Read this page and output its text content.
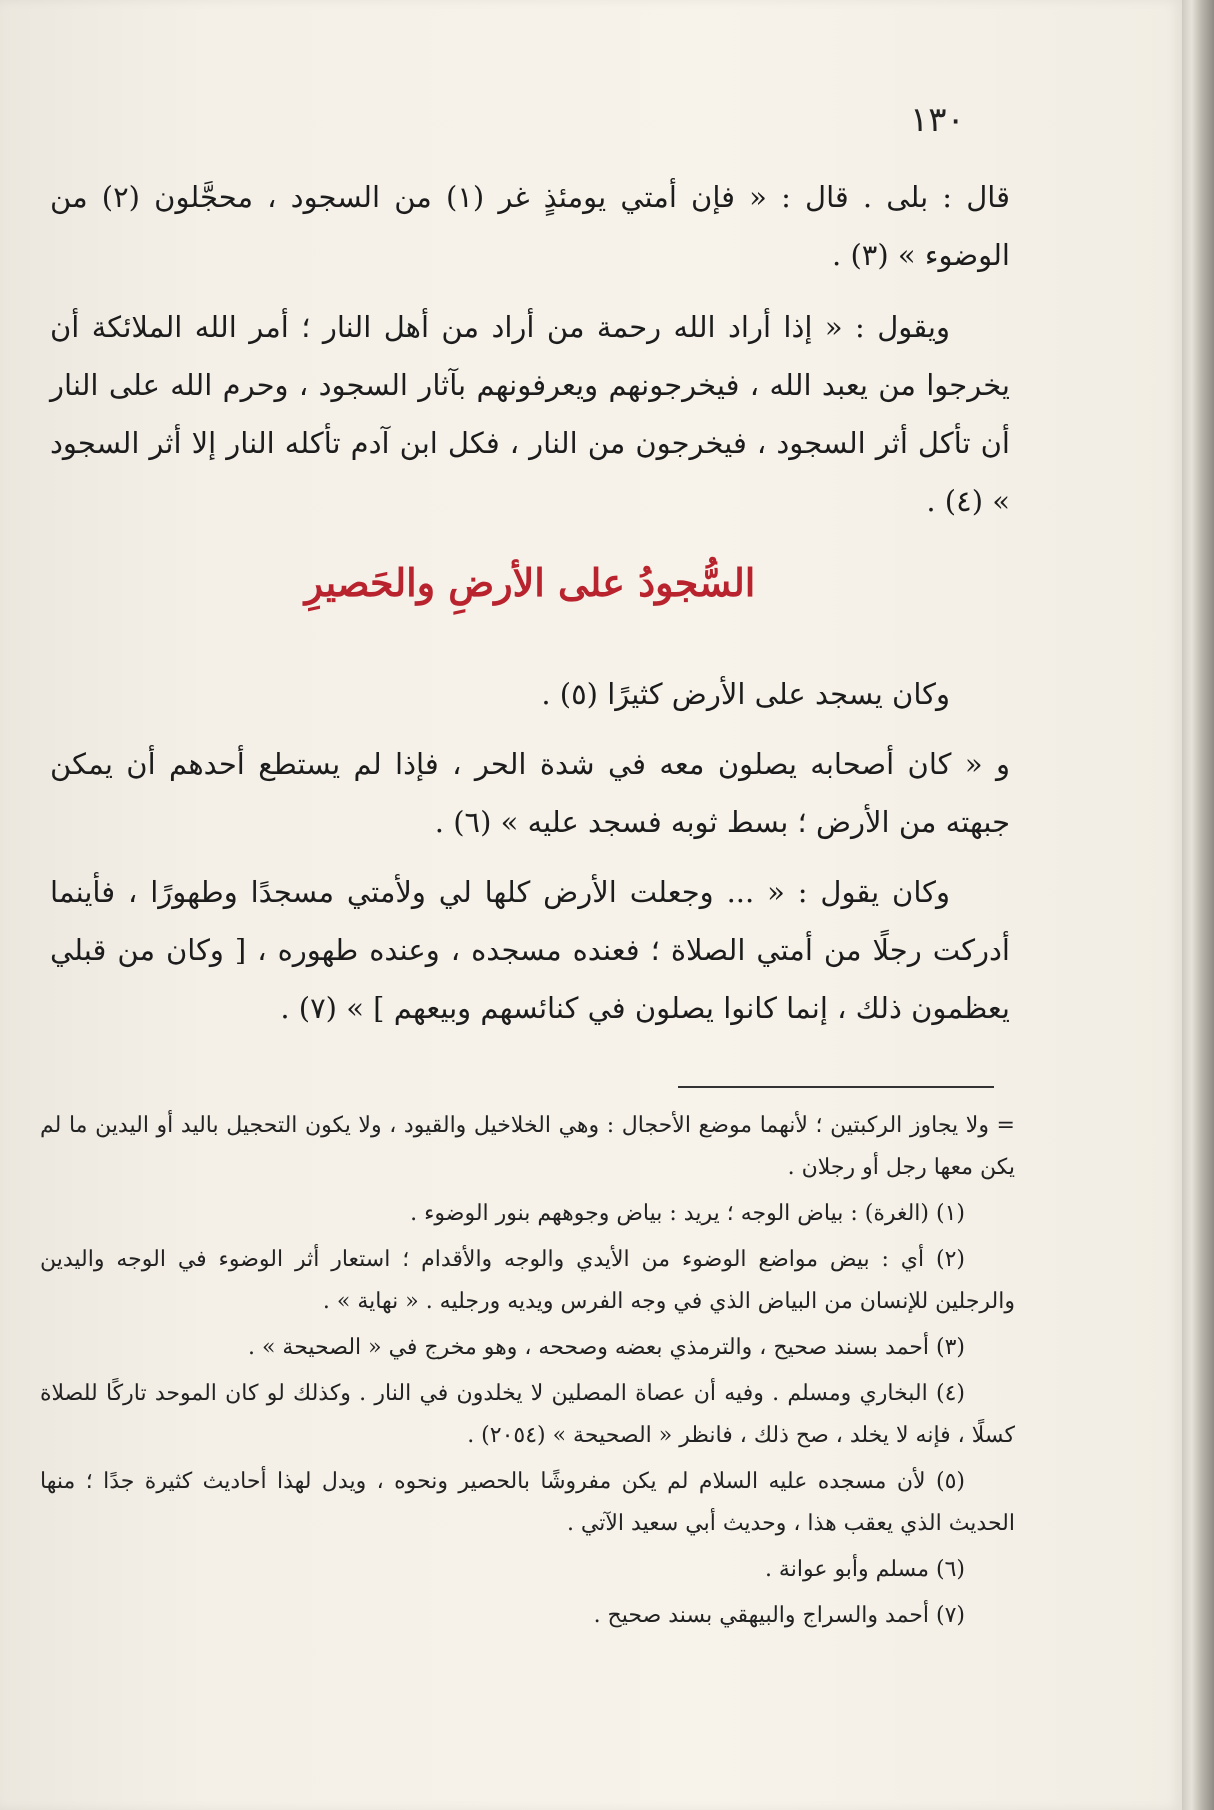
١٣٠

قال : بلى . قال : « فإن أمتي يومئذٍ غر (١) من السجود ، محجَّلون (٢) من الوضوء » (٣) .

ويقول : « إذا أراد الله رحمة من أراد من أهل النار ؛ أمر الله الملائكة أن يخرجوا من يعبد الله ، فيخرجونهم ويعرفونهم بآثار السجود ، وحرم الله على النار أن تأكل أثر السجود ، فيخرجون من النار ، فكل ابن آدم تأكله النار إلا أثر السجود » (٤) .

السُّجودُ على الأرضِ والحَصيرِ

وكان يسجد على الأرض كثيرًا (٥) .

و « كان أصحابه يصلون معه في شدة الحر ، فإذا لم يستطع أحدهم أن يمكن جبهته من الأرض ؛ بسط ثوبه فسجد عليه » (٦) .

وكان يقول : « ... وجعلت الأرض كلها لي ولأمتي مسجدًا وطهورًا ، فأينما أدركت رجلًا من أمتي الصلاة ؛ فعنده مسجده ، وعنده طهوره ، [ وكان من قبلي يعظمون ذلك ، إنما كانوا يصلون في كنائسهم وبيعهم ] » (٧) .

= ولا يجاوز الركبتين ؛ لأنهما موضع الأحجال : وهي الخلاخيل والقيود ، ولا يكون التحجيل باليد أو اليدين ما لم يكن معها رجل أو رجلان .

(١) (الغرة) : بياض الوجه ؛ يريد : بياض وجوههم بنور الوضوء .

(٢) أي : بيض مواضع الوضوء من الأيدي والوجه والأقدام ؛ استعار أثر الوضوء في الوجه واليدين والرجلين للإنسان من البياض الذي في وجه الفرس ويديه ورجليه . « نهاية » .

(٣) أحمد بسند صحيح ، والترمذي بعضه وصححه ، وهو مخرج في « الصحيحة » .

(٤) البخاري ومسلم . وفيه أن عصاة المصلين لا يخلدون في النار . وكذلك لو كان الموحد تاركًا للصلاة كسلًا ، فإنه لا يخلد ، صح ذلك ، فانظر « الصحيحة » (٢٠٥٤) .

(٥) لأن مسجده عليه السلام لم يكن مفروشًا بالحصير ونحوه ، ويدل لهذا أحاديث كثيرة جدًا ؛ منها الحديث الذي يعقب هذا ، وحديث أبي سعيد الآتي .

(٦) مسلم وأبو عوانة .

(٧) أحمد والسراج والبيهقي بسند صحيح .
